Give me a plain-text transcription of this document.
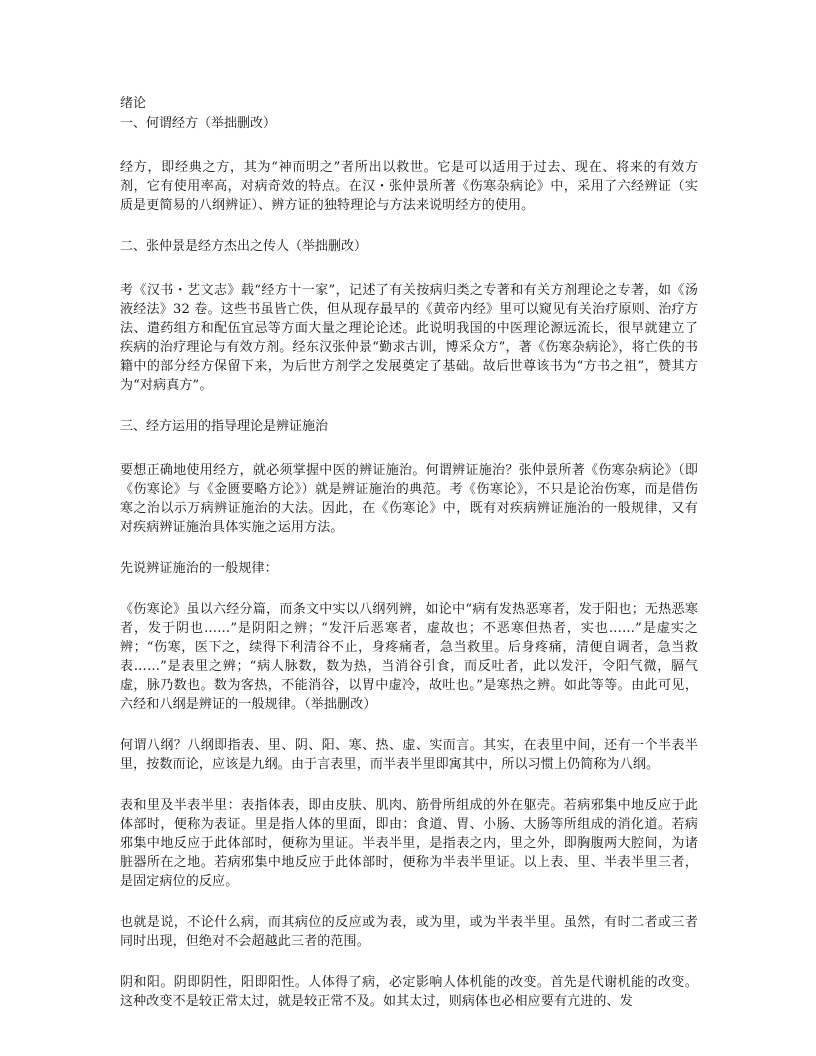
绪论

一、何谓经方（举拙删改）

经方，即经典之方，其为“神而明之”者所出以救世。它是可以适用于过去、现在、将来的有效方剂，它有使用率高，对病奇效的特点。在汉・张仲景所著《伤寒杂病论》中，采用了六经辨证（实质是更简易的八纲辨证）、辨方证的独特理论与方法来说明经方的使用。

二、张仲景是经方杰出之传人（举拙删改）

考《汉书・艺文志》载“经方十一家”，记述了有关按病归类之专著和有关方剂理论之专著，如《汤液经法》32 卷。这些书虽皆亡佚，但从现存最早的《黄帝内经》里可以窥见有关治疗原则、治疗方法、遣药组方和配伍宜忌等方面大量之理论论述。此说明我国的中医理论源远流长，很早就建立了疾病的治疗理论与有效方剂。经东汉张仲景“勤求古训，博采众方”，著《伤寒杂病论》，将亡佚的书籍中的部分经方保留下来，为后世方剂学之发展奠定了基础。故后世尊该书为“方书之祖”，赞其方为“对病真方”。

三、经方运用的指导理论是辨证施治

要想正确地使用经方，就必须掌握中医的辨证施治。何谓辨证施治？张仲景所著《伤寒杂病论》（即《伤寒论》与《金匮要略方论》）就是辨证施治的典范。考《伤寒论》，不只是论治伤寒，而是借伤寒之治以示万病辨证施治的大法。因此，在《伤寒论》中，既有对疾病辨证施治的一般规律，又有对疾病辨证施治具体实施之运用方法。

先说辨证施治的一般规律：

《伤寒论》虽以六经分篇，而条文中实以八纲列辨，如论中“病有发热恶寒者，发于阳也；无热恶寒者，发于阴也……”是阴阳之辨；“发汗后恶寒者，虚故也；不恶寒但热者，实也……”是虚实之辨；“伤寒，医下之，续得下利清谷不止，身疼痛者，急当救里。后身疼痛，清便自调者，急当救表……”是表里之辨；“病人脉数，数为热，当消谷引食，而反吐者，此以发汗，令阳气微，膈气虚，脉乃数也。数为客热，不能消谷，以胃中虚冷，故吐也。”是寒热之辨。如此等等。由此可见，六经和八纲是辨证的一般规律。（举拙删改）

何谓八纲？八纲即指表、里、阴、阳、寒、热、虚、实而言。其实，在表里中间，还有一个半表半里，按数而论，应该是九纲。由于言表里，而半表半里即寓其中，所以习惯上仍简称为八纲。

表和里及半表半里：表指体表，即由皮肤、肌肉、筋骨所组成的外在躯壳。若病邪集中地反应于此体部时，便称为表证。里是指人体的里面，即由：食道、胃、小肠、大肠等所组成的消化道。若病邪集中地反应于此体部时，便称为里证。半表半里，是指表之内，里之外，即胸腹两大腔间，为诸脏器所在之地。若病邪集中地反应于此体部时，便称为半表半里证。以上表、里、半表半里三者，是固定病位的反应。

也就是说，不论什么病，而其病位的反应或为表，或为里，或为半表半里。虽然，有时二者或三者同时出现，但绝对不会超越此三者的范围。

阴和阳。阴即阴性，阳即阳性。人体得了病，必定影响人体机能的改变。首先是代谢机能的改变。这种改变不是较正常太过，就是较正常不及。如其太过，则病体也必相应要有亢进的、发
